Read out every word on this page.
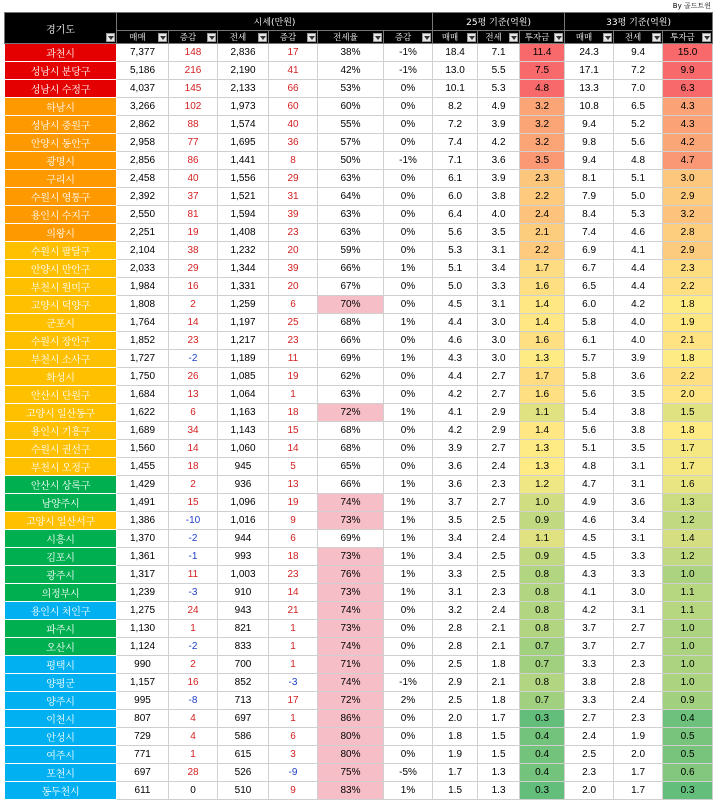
By 골드트윈
경기도	시세(만원)						25평 기준(억원)			33평 기준(억원)		
	매매	증감	전세	증감	전세율	증감	매매	전세	투자금	매매	전세	투자금

과천시	7,377	148	2,836	17	38%	-1%	18.4	7.1	11.4	24.3	9.4	15.0
성남시 분당구	5,186	216	2,190	41	42%	-1%	13.0	5.5	7.5	17.1	7.2	9.9
성남시 수정구	4,037	145	2,133	66	53%	0%	10.1	5.3	4.8	13.3	7.0	6.3
하남시	3,266	102	1,973	60	60%	0%	8.2	4.9	3.2	10.8	6.5	4.3
성남시 중원구	2,862	88	1,574	40	55%	0%	7.2	3.9	3.2	9.4	5.2	4.3
안양시 동안구	2,958	77	1,695	36	57%	0%	7.4	4.2	3.2	9.8	5.6	4.2
광명시	2,856	86	1,441	8	50%	-1%	7.1	3.6	3.5	9.4	4.8	4.7
구리시	2,458	40	1,556	29	63%	0%	6.1	3.9	2.3	8.1	5.1	3.0
수원시 영통구	2,392	37	1,521	31	64%	0%	6.0	3.8	2.2	7.9	5.0	2.9
용인시 수지구	2,550	81	1,594	39	63%	0%	6.4	4.0	2.4	8.4	5.3	3.2
의왕시	2,251	19	1,408	23	63%	0%	5.6	3.5	2.1	7.4	4.6	2.8
수원시 팔달구	2,104	38	1,232	20	59%	0%	5.3	3.1	2.2	6.9	4.1	2.9
안양시 만안구	2,033	29	1,344	39	66%	1%	5.1	3.4	1.7	6.7	4.4	2.3
부천시 원미구	1,984	16	1,331	20	67%	0%	5.0	3.3	1.6	6.5	4.4	2.2
고양시 덕양구	1,808	2	1,259	6	70%	0%	4.5	3.1	1.4	6.0	4.2	1.8
군포시	1,764	14	1,197	25	68%	1%	4.4	3.0	1.4	5.8	4.0	1.9
수원시 장안구	1,852	23	1,217	23	66%	0%	4.6	3.0	1.6	6.1	4.0	2.1
부천시 소사구	1,727	-2	1,189	11	69%	1%	4.3	3.0	1.3	5.7	3.9	1.8
화성시	1,750	26	1,085	19	62%	0%	4.4	2.7	1.7	5.8	3.6	2.2
안산시 단원구	1,684	13	1,064	1	63%	0%	4.2	2.7	1.6	5.6	3.5	2.0
고양시 일산동구	1,622	6	1,163	18	72%	1%	4.1	2.9	1.1	5.4	3.8	1.5
용인시 기흥구	1,689	34	1,143	15	68%	0%	4.2	2.9	1.4	5.6	3.8	1.8
수원시 권선구	1,560	14	1,060	14	68%	0%	3.9	2.7	1.3	5.1	3.5	1.7
부천시 오정구	1,455	18	945	5	65%	0%	3.6	2.4	1.3	4.8	3.1	1.7
안산시 상록구	1,429	2	936	13	66%	1%	3.6	2.3	1.2	4.7	3.1	1.6
남양주시	1,491	15	1,096	19	74%	1%	3.7	2.7	1.0	4.9	3.6	1.3
고양시 일산서구	1,386	-10	1,016	9	73%	1%	3.5	2.5	0.9	4.6	3.4	1.2
시흥시	1,370	-2	944	6	69%	1%	3.4	2.4	1.1	4.5	3.1	1.4
김포시	1,361	-1	993	18	73%	1%	3.4	2.5	0.9	4.5	3.3	1.2
광주시	1,317	11	1,003	23	76%	1%	3.3	2.5	0.8	4.3	3.3	1.0
의정부시	1,239	-3	910	14	73%	1%	3.1	2.3	0.8	4.1	3.0	1.1
용인시 처인구	1,275	24	943	21	74%	0%	3.2	2.4	0.8	4.2	3.1	1.1
파주시	1,130	1	821	1	73%	0%	2.8	2.1	0.8	3.7	2.7	1.0
오산시	1,124	-2	833	1	74%	0%	2.8	2.1	0.7	3.7	2.7	1.0
평택시	990	2	700	1	71%	0%	2.5	1.8	0.7	3.3	2.3	1.0
양평군	1,157	16	852	-3	74%	-1%	2.9	2.1	0.8	3.8	2.8	1.0
양주시	995	-8	713	17	72%	2%	2.5	1.8	0.7	3.3	2.4	0.9
이천시	807	4	697	1	86%	0%	2.0	1.7	0.3	2.7	2.3	0.4
안성시	729	4	586	6	80%	0%	1.8	1.5	0.4	2.4	1.9	0.5
여주시	771	1	615	3	80%	0%	1.9	1.5	0.4	2.5	2.0	0.5
포천시	697	28	526	-9	75%	-5%	1.7	1.3	0.4	2.3	1.7	0.6
동두천시	611	0	510	9	83%	1%	1.5	1.3	0.3	2.0	1.7	0.3
